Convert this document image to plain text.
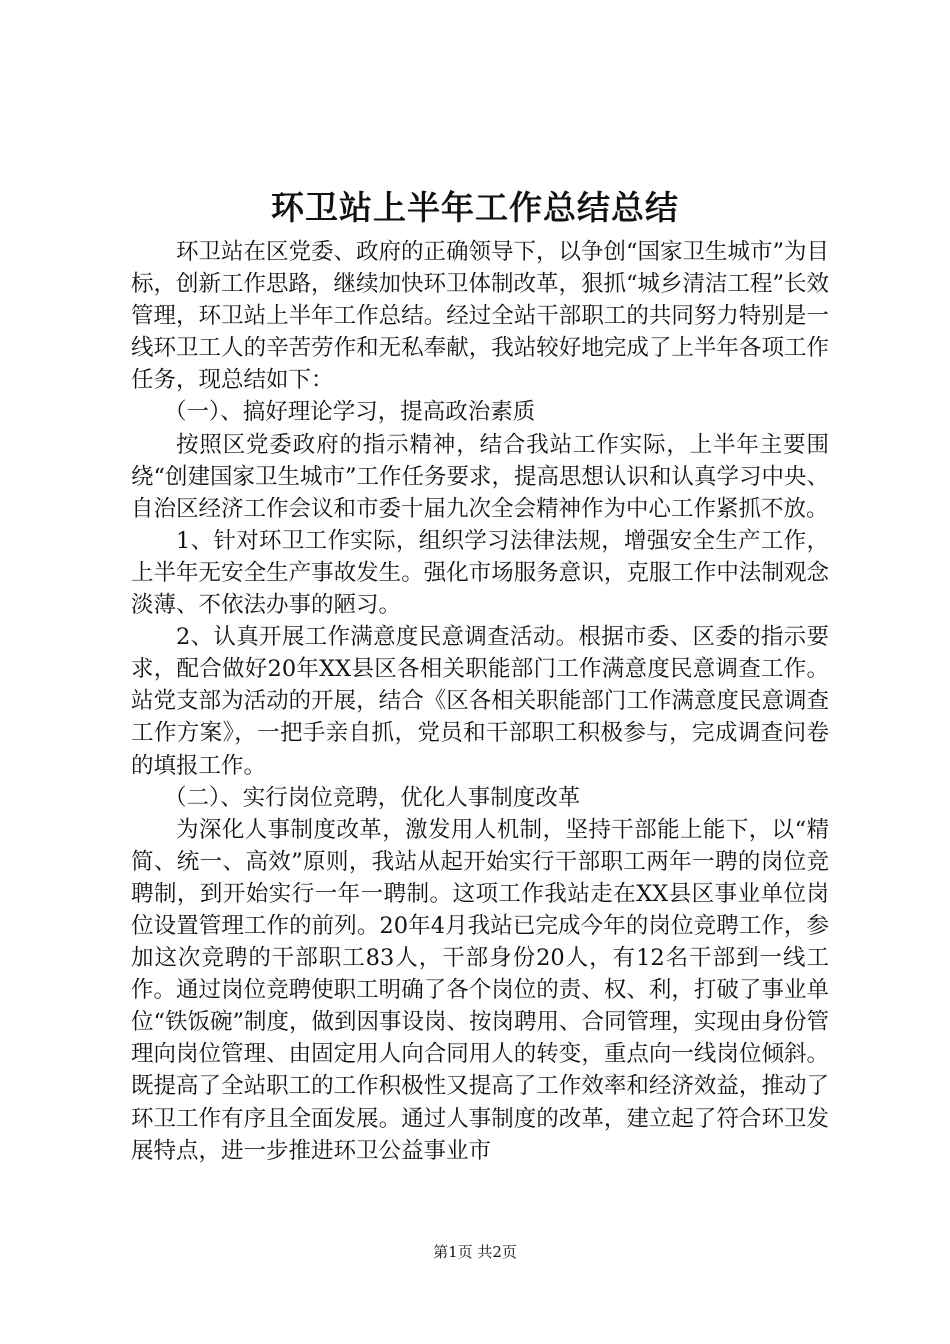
环卫站上半年工作总结总结

环卫站在区党委、政府的正确领导下，以争创“国家卫生城市”为目标，创新工作思路，继续加快环卫体制改革，狠抓“城乡清洁工程”长效管理，环卫站上半年工作总结。经过全站干部职工的共同努力特别是一线环卫工人的辛苦劳作和无私奉献，我站较好地完成了上半年各项工作任务，现总结如下：

（一）、搞好理论学习，提高政治素质

按照区党委政府的指示精神，结合我站工作实际，上半年主要围绕“创建国家卫生城市”工作任务要求，提高思想认识和认真学习中央、自治区经济工作会议和市委十届九次全会精神作为中心工作紧抓不放。

1、针对环卫工作实际，组织学习法律法规，增强安全生产工作，上半年无安全生产事故发生。强化市场服务意识，克服工作中法制观念淡薄、不依法办事的陋习。

2、认真开展工作满意度民意调查活动。根据市委、区委的指示要求，配合做好20年XX县区各相关职能部门工作满意度民意调查工作。站党支部为活动的开展，结合《区各相关职能部门工作满意度民意调查工作方案》，一把手亲自抓，党员和干部职工积极参与，完成调查问卷的填报工作。

（二）、实行岗位竞聘，优化人事制度改革

为深化人事制度改革，激发用人机制，坚持干部能上能下，以“精简、统一、高效”原则，我站从起开始实行干部职工两年一聘的岗位竞聘制，到开始实行一年一聘制。这项工作我站走在XX县区事业单位岗位设置管理工作的前列。20年4月我站已完成今年的岗位竞聘工作，参加这次竞聘的干部职工83人，干部身份20人，有12名干部到一线工作。通过岗位竞聘使职工明确了各个岗位的责、权、利，打破了事业单位“铁饭碗”制度，做到因事设岗、按岗聘用、合同管理，实现由身份管理向岗位管理、由固定用人向合同用人的转变，重点向一线岗位倾斜。既提高了全站职工的工作积极性又提高了工作效率和经济效益，推动了环卫工作有序且全面发展。通过人事制度的改革，建立起了符合环卫发展特点，进一步推进环卫公益事业市

第1页 共2页
